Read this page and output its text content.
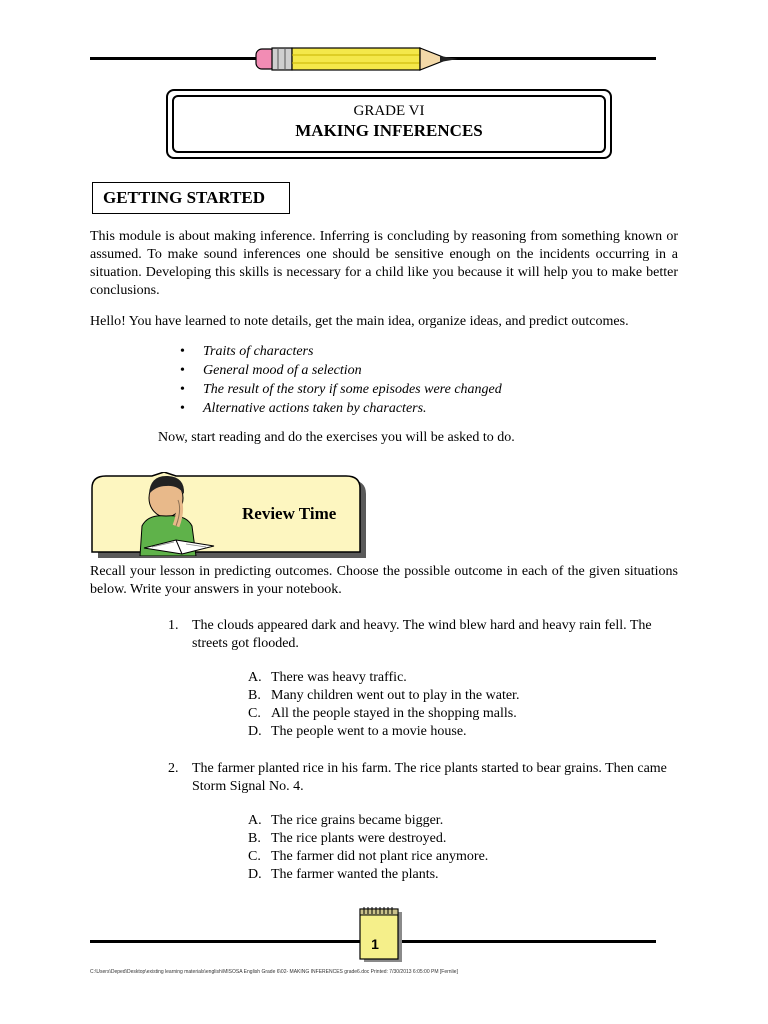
GRADE VI
MAKING INFERENCES
GETTING STARTED
This module is about making inference. Inferring is concluding by reasoning from something known or assumed. To make sound inferences one should be sensitive enough on the incidents occurring in a situation. Developing this skills is necessary for a child like you because it will help you to make better conclusions.
Hello! You have learned to note details, get the main idea, organize ideas, and predict outcomes.
• Traits of characters
• General mood of a selection
• The result of the story if some episodes were changed
• Alternative actions taken by characters.
Now, start reading and do the exercises you will be asked to do.
Review Time
Recall your lesson in predicting outcomes. Choose the possible outcome in each of the given situations below. Write your answers in your notebook.
1. The clouds appeared dark and heavy. The wind blew hard and heavy rain fell. The streets got flooded.
A. There was heavy traffic.
B. Many children went out to play in the water.
C. All the people stayed in the shopping malls.
D. The people went to a movie house.
2. The farmer planted rice in his farm. The rice plants started to bear grains. Then came Storm Signal No. 4.
A. The rice grains became bigger.
B. The rice plants were destroyed.
C. The farmer did not plant rice anymore.
D. The farmer wanted the plants.
1
C:\Users\Deped\Desktop\existing learning materials\english\MISOSA English Grade 6\02- MAKING INFERENCES grade6.doc Printed: 7/30/2013 6:05:00 PM [Fernlie]
